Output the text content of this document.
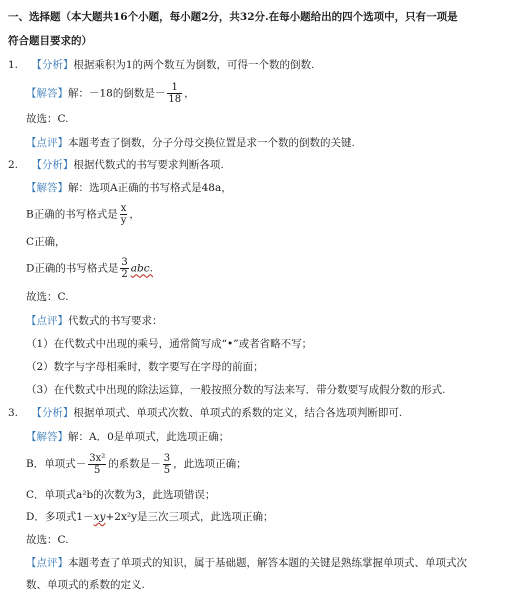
一、选择题（本大题共16个小题，每小题2分，共32分.在每小题给出的四个选项中，只有一项是
符合题目要求的）
1. 【分析】根据乘积为1的两个数互为倒数，可得一个数的倒数.
【解答】解：－18的倒数是－ $\frac{1}{18}$ ，
故选：C.
【点评】本题考查了倒数，分子分母交换位置是求一个数的倒数的关键.
2. 【分析】根据代数式的书写要求判断各项.
【解答】解：选项A正确的书写格式是48a，
B正确的书写格式是 $\frac{x}{y}$ ，
C正确，
D正确的书写格式是 $\frac{3}{2}$ abc.
故选：C.
【点评】代数式的书写要求：
（1）在代数式中出现的乘号，通常简写成“•”或者省略不写；
（2）数字与字母相乘时，数字要写在字母的前面；
（3）在代数式中出现的除法运算，一般按照分数的写法来写．带分数要写成假分数的形式.
3. 【分析】根据单项式、单项式次数、单项式的系数的定义，结合各选项判断即可.
【解答】解：A．0是单项式，此选项正确；
B．单项式－ $\frac{\text{3x²}}{5}$ 的系数是－ $\frac{3}{5}$ ，此选项正确；
C．单项式a²b的次数为3，此选项错误；
D．多项式1－xy+2x²y是三次三项式，此选项正确；
故选：C.
【点评】本题考查了单项式的知识，属于基础题，解答本题的关键是熟练掌握单项式、单项式次
数、单项式的系数的定义.
